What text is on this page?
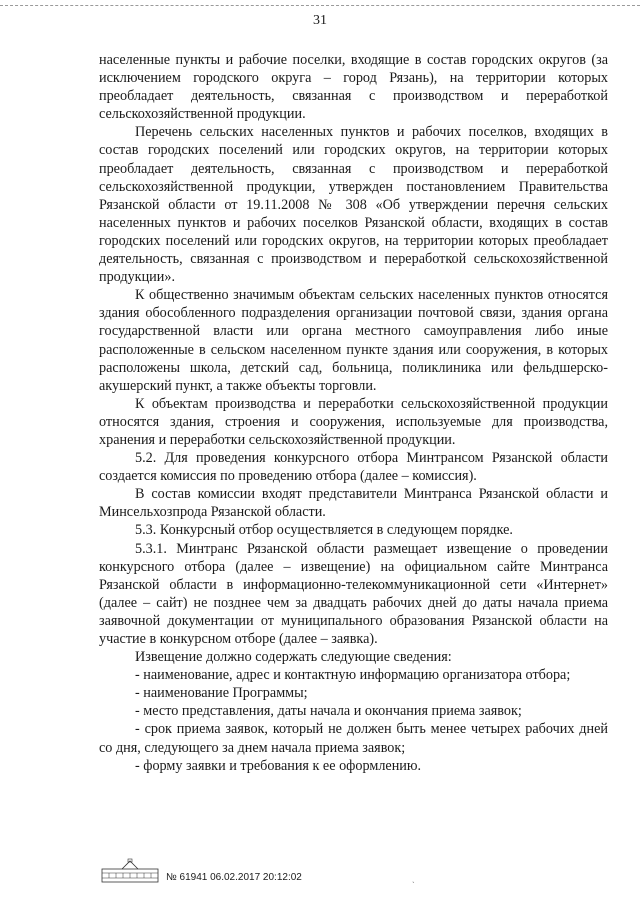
31

населенные пункты и рабочие поселки, входящие в состав городских округов (за исключением городского округа – город Рязань), на территории которых преобладает деятельность, связанная с производством и переработкой сельскохозяйственной продукции.

Перечень сельских населенных пунктов и рабочих поселков, входящих в состав городских поселений или городских округов, на территории которых преобладает деятельность, связанная с производством и переработкой сельскохозяйственной продукции, утвержден постановлением Правительства Рязанской области от 19.11.2008 № 308 «Об утверждении перечня сельских населенных пунктов и рабочих поселков Рязанской области, входящих в состав городских поселений или городских округов, на территории которых преобладает деятельность, связанная с производством и переработкой сельскохозяйственной продукции».

К общественно значимым объектам сельских населенных пунктов относятся здания обособленного подразделения организации почтовой связи, здания органа государственной власти или органа местного самоуправления либо иные расположенные в сельском населенном пункте здания или сооружения, в которых расположены школа, детский сад, больница, поликлиника или фельдшерско-акушерский пункт, а также объекты торговли.

К объектам производства и переработки сельскохозяйственной продукции относятся здания, строения и сооружения, используемые для производства, хранения и переработки сельскохозяйственной продукции.

5.2. Для проведения конкурсного отбора Минтрансом Рязанской области создается комиссия по проведению отбора (далее – комиссия).

В состав комиссии входят представители Минтранса Рязанской области и Минсельхозпрода Рязанской области.

5.3. Конкурсный отбор осуществляется в следующем порядке.

5.3.1. Минтранс Рязанской области размещает извещение о проведении конкурсного отбора (далее – извещение) на официальном сайте Минтранса Рязанской области в информационно-телекоммуникационной сети «Интернет» (далее – сайт) не позднее чем за двадцать рабочих дней до даты начала приема заявочной документации от муниципального образования Рязанской области на участие в конкурсном отборе (далее – заявка).

Извещение должно содержать следующие сведения:

- наименование, адрес и контактную информацию организатора отбора;

- наименование Программы;

- место представления, даты начала и окончания приема заявок;

- срок приема заявок, который не должен быть менее четырех рабочих дней со дня, следующего за днем начала приема заявок;

- форму заявки и требования к ее оформлению.

№ 61941 06.02.2017 20:12:02	ˎ
